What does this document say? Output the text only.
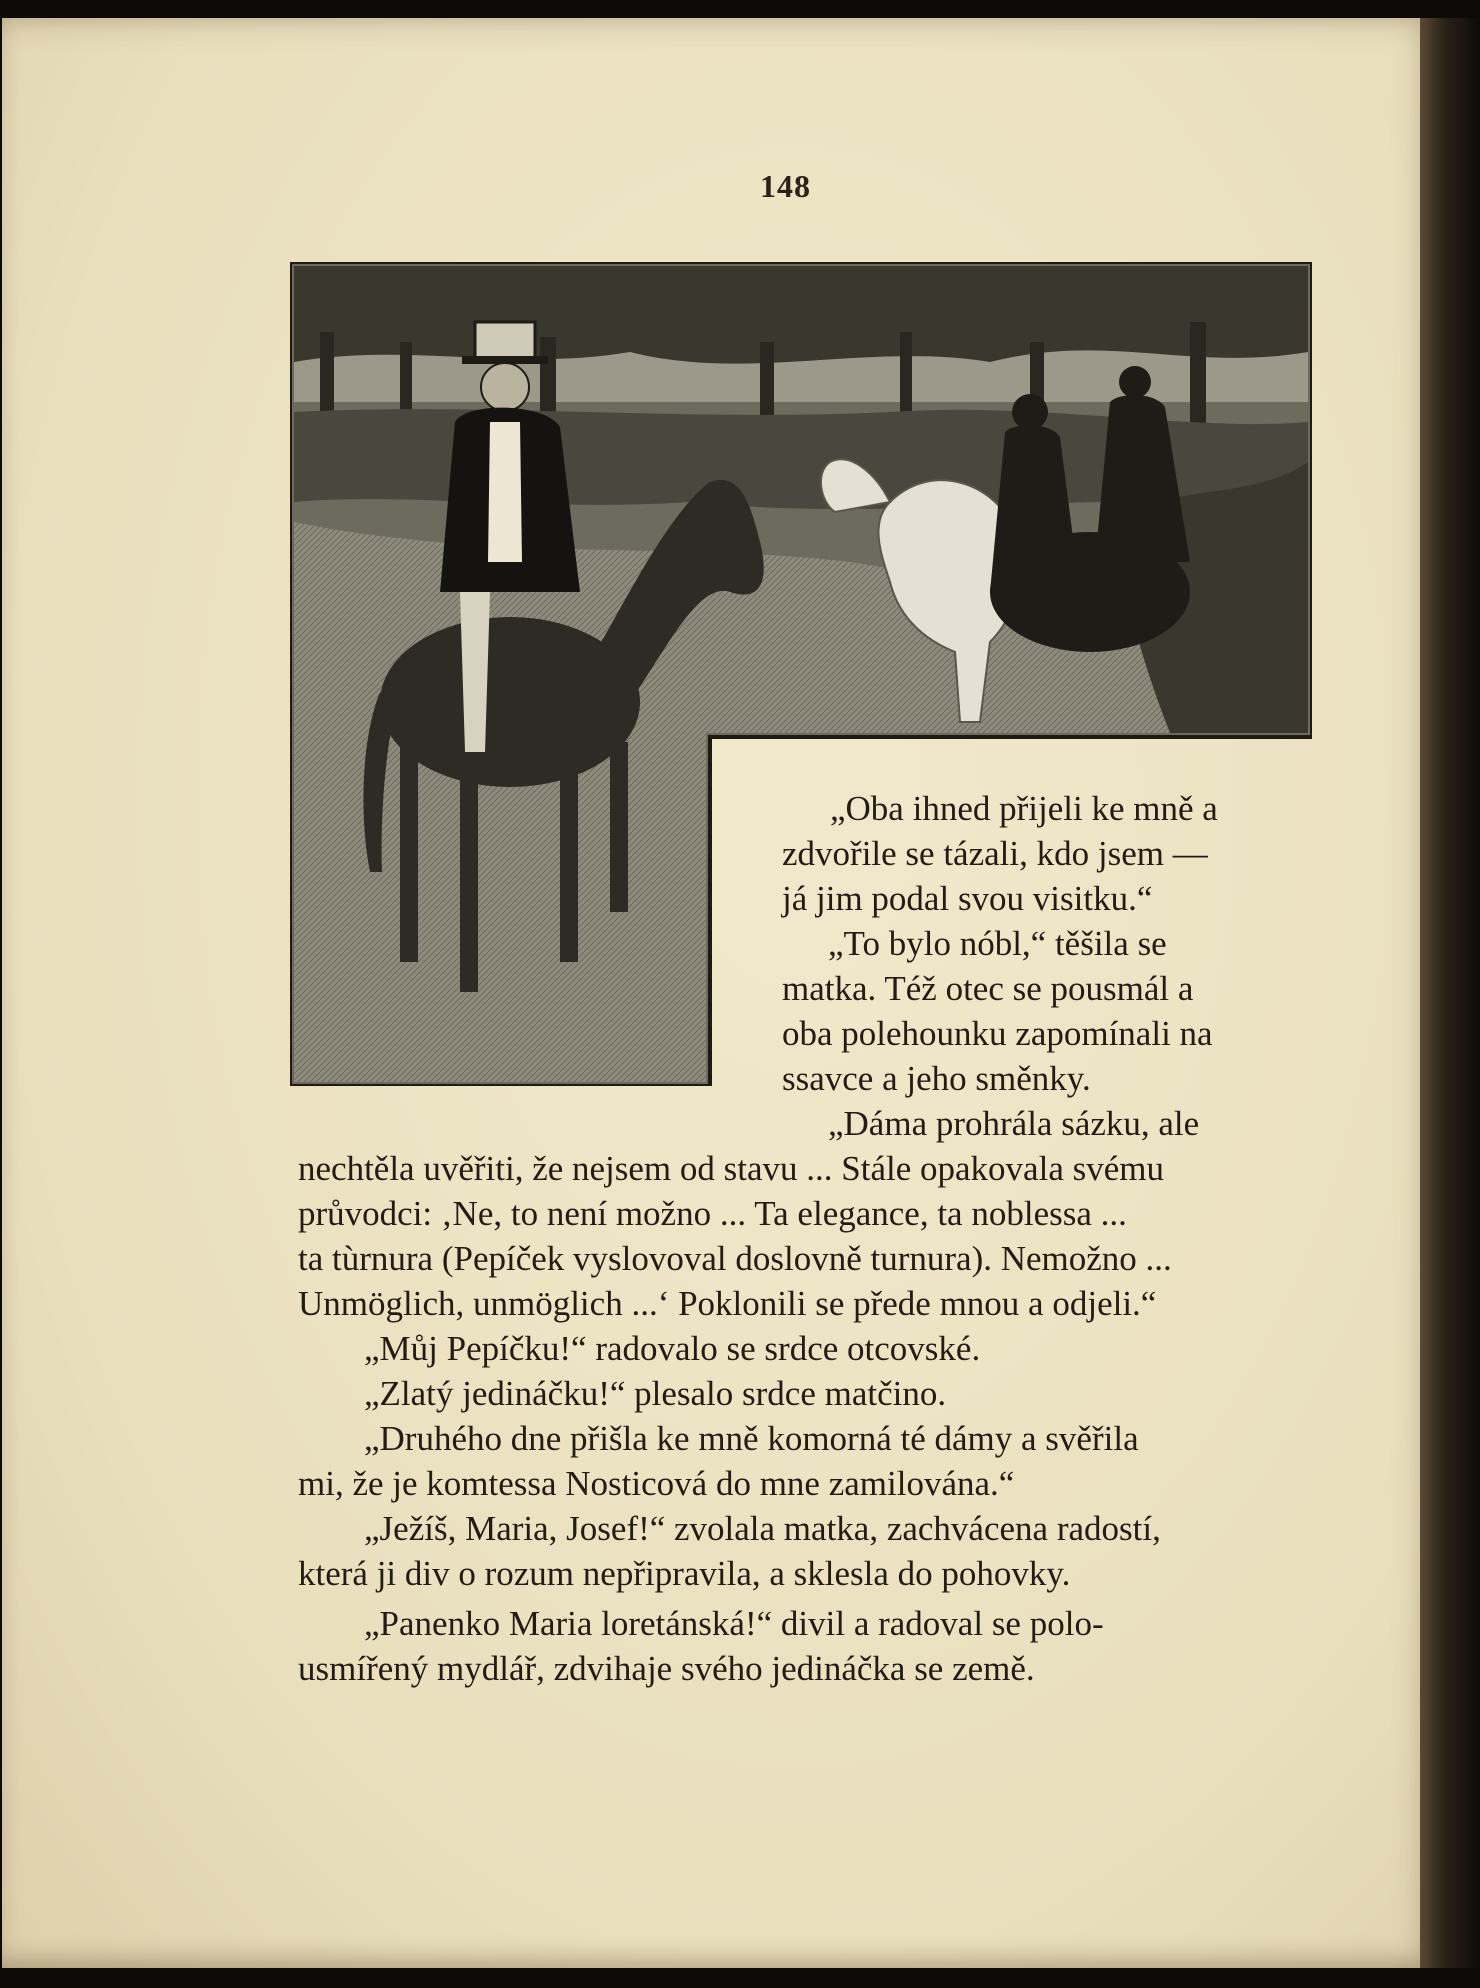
148
„Oba ihned přijeli ke mně a
zdvořile se tázali, kdo jsem —
já jim podal svou visitku.“
„To bylo nóbl,“ těšila se
matka. Též otec se pousmál a
oba polehounku zapomínali na
ssavce a jeho směnky.
„Dáma prohrála sázku, ale
nechtěla uvěřiti, že nejsem od stavu ... Stále opakovala svému
průvodci: ‚Ne, to není možno ... Ta elegance, ta noblessa ...
ta tùrnura (Pepíček vyslovoval doslovně turnura). Nemožno ...
Unmöglich, unmöglich ...‘ Poklonili se přede mnou a odjeli.“
„Můj Pepíčku!“ radovalo se srdce otcovské.
„Zlatý jedináčku!“ plesalo srdce matčino.
„Druhého dne přišla ke mně komorná té dámy a svěřila
mi, že je komtessa Nosticová do mne zamilována.“
„Ježíš, Maria, Josef!“ zvolala matka, zachvácena radostí,
která ji div o rozum nepřipravila, a sklesla do pohovky.
„Panenko Maria loretánská!“ divil a radoval se polo-
usmířený mydlář, zdvihaje svého jedináčka se země.
